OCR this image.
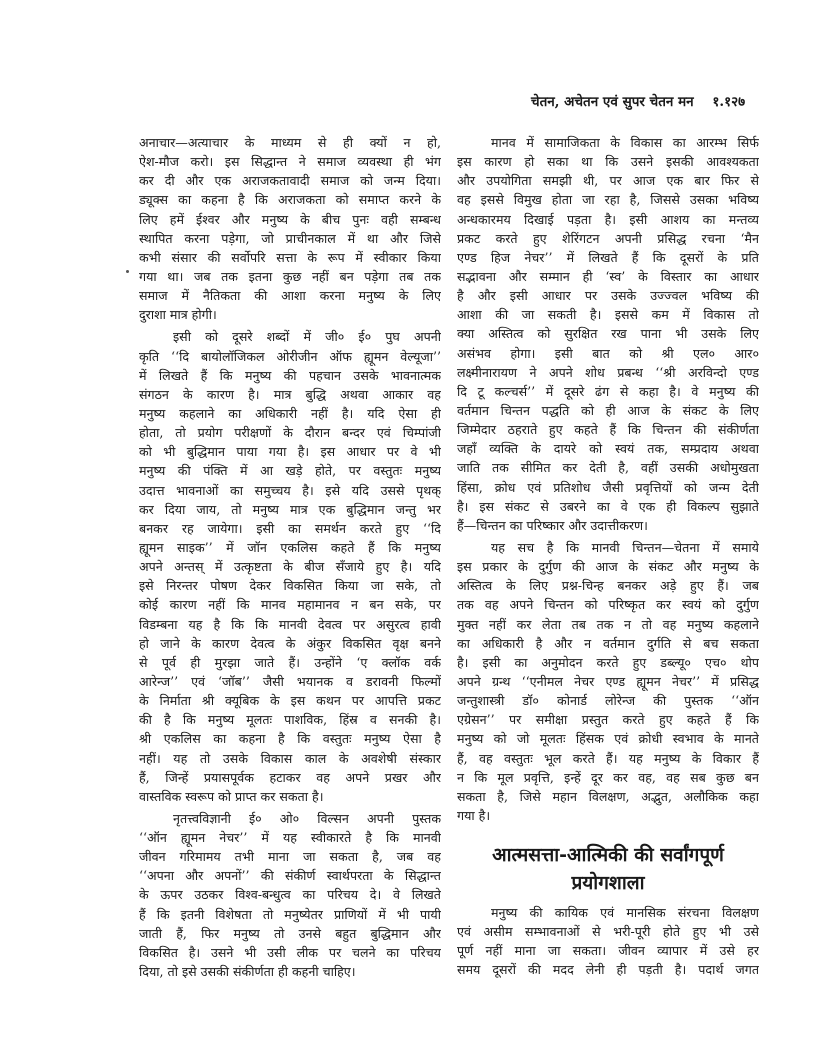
चेतन, अचेतन एवं सुपर चेतन मन १.१२७

अनाचार—अत्याचार के माध्यम से ही क्यों न हो,
ऐश-मौज करो। इस सिद्धान्त ने समाज व्यवस्था ही भंग
कर दी और एक अराजकतावादी समाज को जन्म दिया।
ड्यूक्स का कहना है कि अराजकता को समाप्त करने के
लिए हमें ईश्वर और मनुष्य के बीच पुनः वही सम्बन्ध
स्थापित करना पड़ेगा, जो प्राचीनकाल में था और जिसे
कभी संसार की सर्वोपरि सत्ता के रूप में स्वीकार किया
गया था। जब तक इतना कुछ नहीं बन पड़ेगा तब तक
समाज में नैतिकता की आशा करना मनुष्य के लिए
दुराशा मात्र होगी।

इसी को दूसरे शब्दों में जी० ई० पुघ अपनी
कृति ‘‘दि बायोलॉजिकल ओरीजीन ऑफ ह्यूमन वेल्यूजा’’
में लिखते हैं कि मनुष्य की पहचान उसके भावनात्मक
संगठन के कारण है। मात्र बुद्धि अथवा आकार वह
मनुष्य कहलाने का अधिकारी नहीं है। यदि ऐसा ही
होता, तो प्रयोग परीक्षणों के दौरान बन्दर एवं चिम्पांजी
को भी बुद्धिमान पाया गया है। इस आधार पर वे भी
मनुष्य की पंक्ति में आ खड़े होते, पर वस्तुतः मनुष्य
उदात्त भावनाओं का समुच्चय है। इसे यदि उससे पृथक्
कर दिया जाय, तो मनुष्य मात्र एक बुद्धिमान जन्तु भर
बनकर रह जायेगा। इसी का समर्थन करते हुए ‘‘दि
ह्यूमन साइक’’ में जॉन एकलिस कहते हैं कि मनुष्य
अपने अन्तस् में उत्कृष्टता के बीज सँजाये हुए है। यदि
इसे निरन्तर पोषण देकर विकसित किया जा सके, तो
कोई कारण नहीं कि मानव महामानव न बन सके, पर
विडम्बना यह है कि कि मानवी देवत्व पर असुरत्व हावी
हो जाने के कारण देवत्व के अंकुर विकसित वृक्ष बनने
से पूर्व ही मुरझा जाते हैं। उन्होंने ‘ए क्लॉक वर्क
आरेन्ज’’ एवं ‘जॉब’’ जैसी भयानक व डरावनी फिल्मों
के निर्माता श्री क्यूबिक के इस कथन पर आपत्ति प्रकट
की है कि मनुष्य मूलतः पाशविक, हिंस्र व सनकी है।
श्री एकलिस का कहना है कि वस्तुतः मनुष्य ऐसा है
नहीं। यह तो उसके विकास काल के अवशेषी संस्कार
हैं, जिन्हें प्रयासपूर्वक हटाकर वह अपने प्रखर और
वास्तविक स्वरूप को प्राप्त कर सकता है।

नृतत्त्वविज्ञानी ई० ओ० विल्सन अपनी पुस्तक
‘‘ऑन ह्यूमन नेचर’’ में यह स्वीकारते है कि मानवी
जीवन गरिमामय तभी माना जा सकता है, जब वह
‘‘अपना और अपनों’’ की संकीर्ण स्वार्थपरता के सिद्धान्त
के ऊपर उठकर विश्व-बन्धुत्व का परिचय दे। वे लिखते
हैं कि इतनी विशेषता तो मनुष्येतर प्राणियों में भी पायी
जाती हैं, फिर मनुष्य तो उनसे बहुत बुद्धिमान और
विकसित है। उसने भी उसी लीक पर चलने का परिचय
दिया, तो इसे उसकी संकीर्णता ही कहनी चाहिए।

मानव में सामाजिकता के विकास का आरम्भ सिर्फ
इस कारण हो सका था कि उसने इसकी आवश्यकता
और उपयोगिता समझी थी, पर आज एक बार फिर से
वह इससे विमुख होता जा रहा है, जिससे उसका भविष्य
अन्धकारमय दिखाई पड़ता है। इसी आशय का मन्तव्य
प्रकट करते हुए शेरिंगटन अपनी प्रसिद्ध रचना ‘मैन
एण्ड हिज नेचर’’ में लिखते हैं कि दूसरों के प्रति
सद्भावना और सम्मान ही ‘स्व’ के विस्तार का आधार
है और इसी आधार पर उसके उज्ज्वल भविष्य की
आशा की जा सकती है। इससे कम में विकास तो
क्या अस्तित्व को सुरक्षित रख पाना भी उसके लिए
असंभव होगा। इसी बात को श्री एल० आर०
लक्ष्मीनारायण ने अपने शोध प्रबन्ध ‘‘श्री अरविन्दो एण्ड
दि टू कल्चर्स’’ में दूसरे ढंग से कहा है। वे मनुष्य की
वर्तमान चिन्तन पद्धति को ही आज के संकट के लिए
जिम्मेदार ठहराते हुए कहते हैं कि चिन्तन की संकीर्णता
जहाँ व्यक्ति के दायरे को स्वयं तक, सम्प्रदाय अथवा
जाति तक सीमित कर देती है, वहीं उसकी अधोमुखता
हिंसा, क्रोध एवं प्रतिशोध जैसी प्रवृत्तियों को जन्म देती
है। इस संकट से उबरने का वे एक ही विकल्प सुझाते
हैं—चिन्तन का परिष्कार और उदात्तीकरण।

यह सच है कि मानवी चिन्तन—चेतना में समाये
इस प्रकार के दुर्गुण की आज के संकट और मनुष्य के
अस्तित्व के लिए प्रश्न-चिन्ह बनकर अड़े हुए हैं। जब
तक वह अपने चिन्तन को परिष्कृत कर स्वयं को दुर्गुण
मुक्त नहीं कर लेता तब तक न तो वह मनुष्य कहलाने
का अधिकारी है और न वर्तमान दुर्गति से बच सकता
है। इसी का अनुमोदन करते हुए डब्ल्यू० एच० थोप
अपने ग्रन्थ ‘‘एनीमल नेचर एण्ड ह्यूमन नेचर’’ में प्रसिद्ध
जन्तुशास्त्री डॉ० कोनार्ड लोरेन्ज की पुस्तक ‘‘ऑन
एग्रेसन’’ पर समीक्षा प्रस्तुत करते हुए कहते हैं कि
मनुष्य को जो मूलतः हिंसक एवं क्रोधी स्वभाव के मानते
हैं, वह वस्तुतः भूल करते हैं। यह मनुष्य के विकार हैं
न कि मूल प्रवृत्ति, इन्हें दूर कर वह, वह सब कुछ बन
सकता है, जिसे महान विलक्षण, अद्भुत, अलौकिक कहा
गया है।

आत्मसत्ता-आत्मिकी की सर्वांगपूर्ण
प्रयोगशाला

मनुष्य की कायिक एवं मानसिक संरचना विलक्षण
एवं असीम सम्भावनाओं से भरी-पूरी होते हुए भी उसे
पूर्ण नहीं माना जा सकता। जीवन व्यापार में उसे हर
समय दूसरों की मदद लेनी ही पड़ती है। पदार्थ जगत
